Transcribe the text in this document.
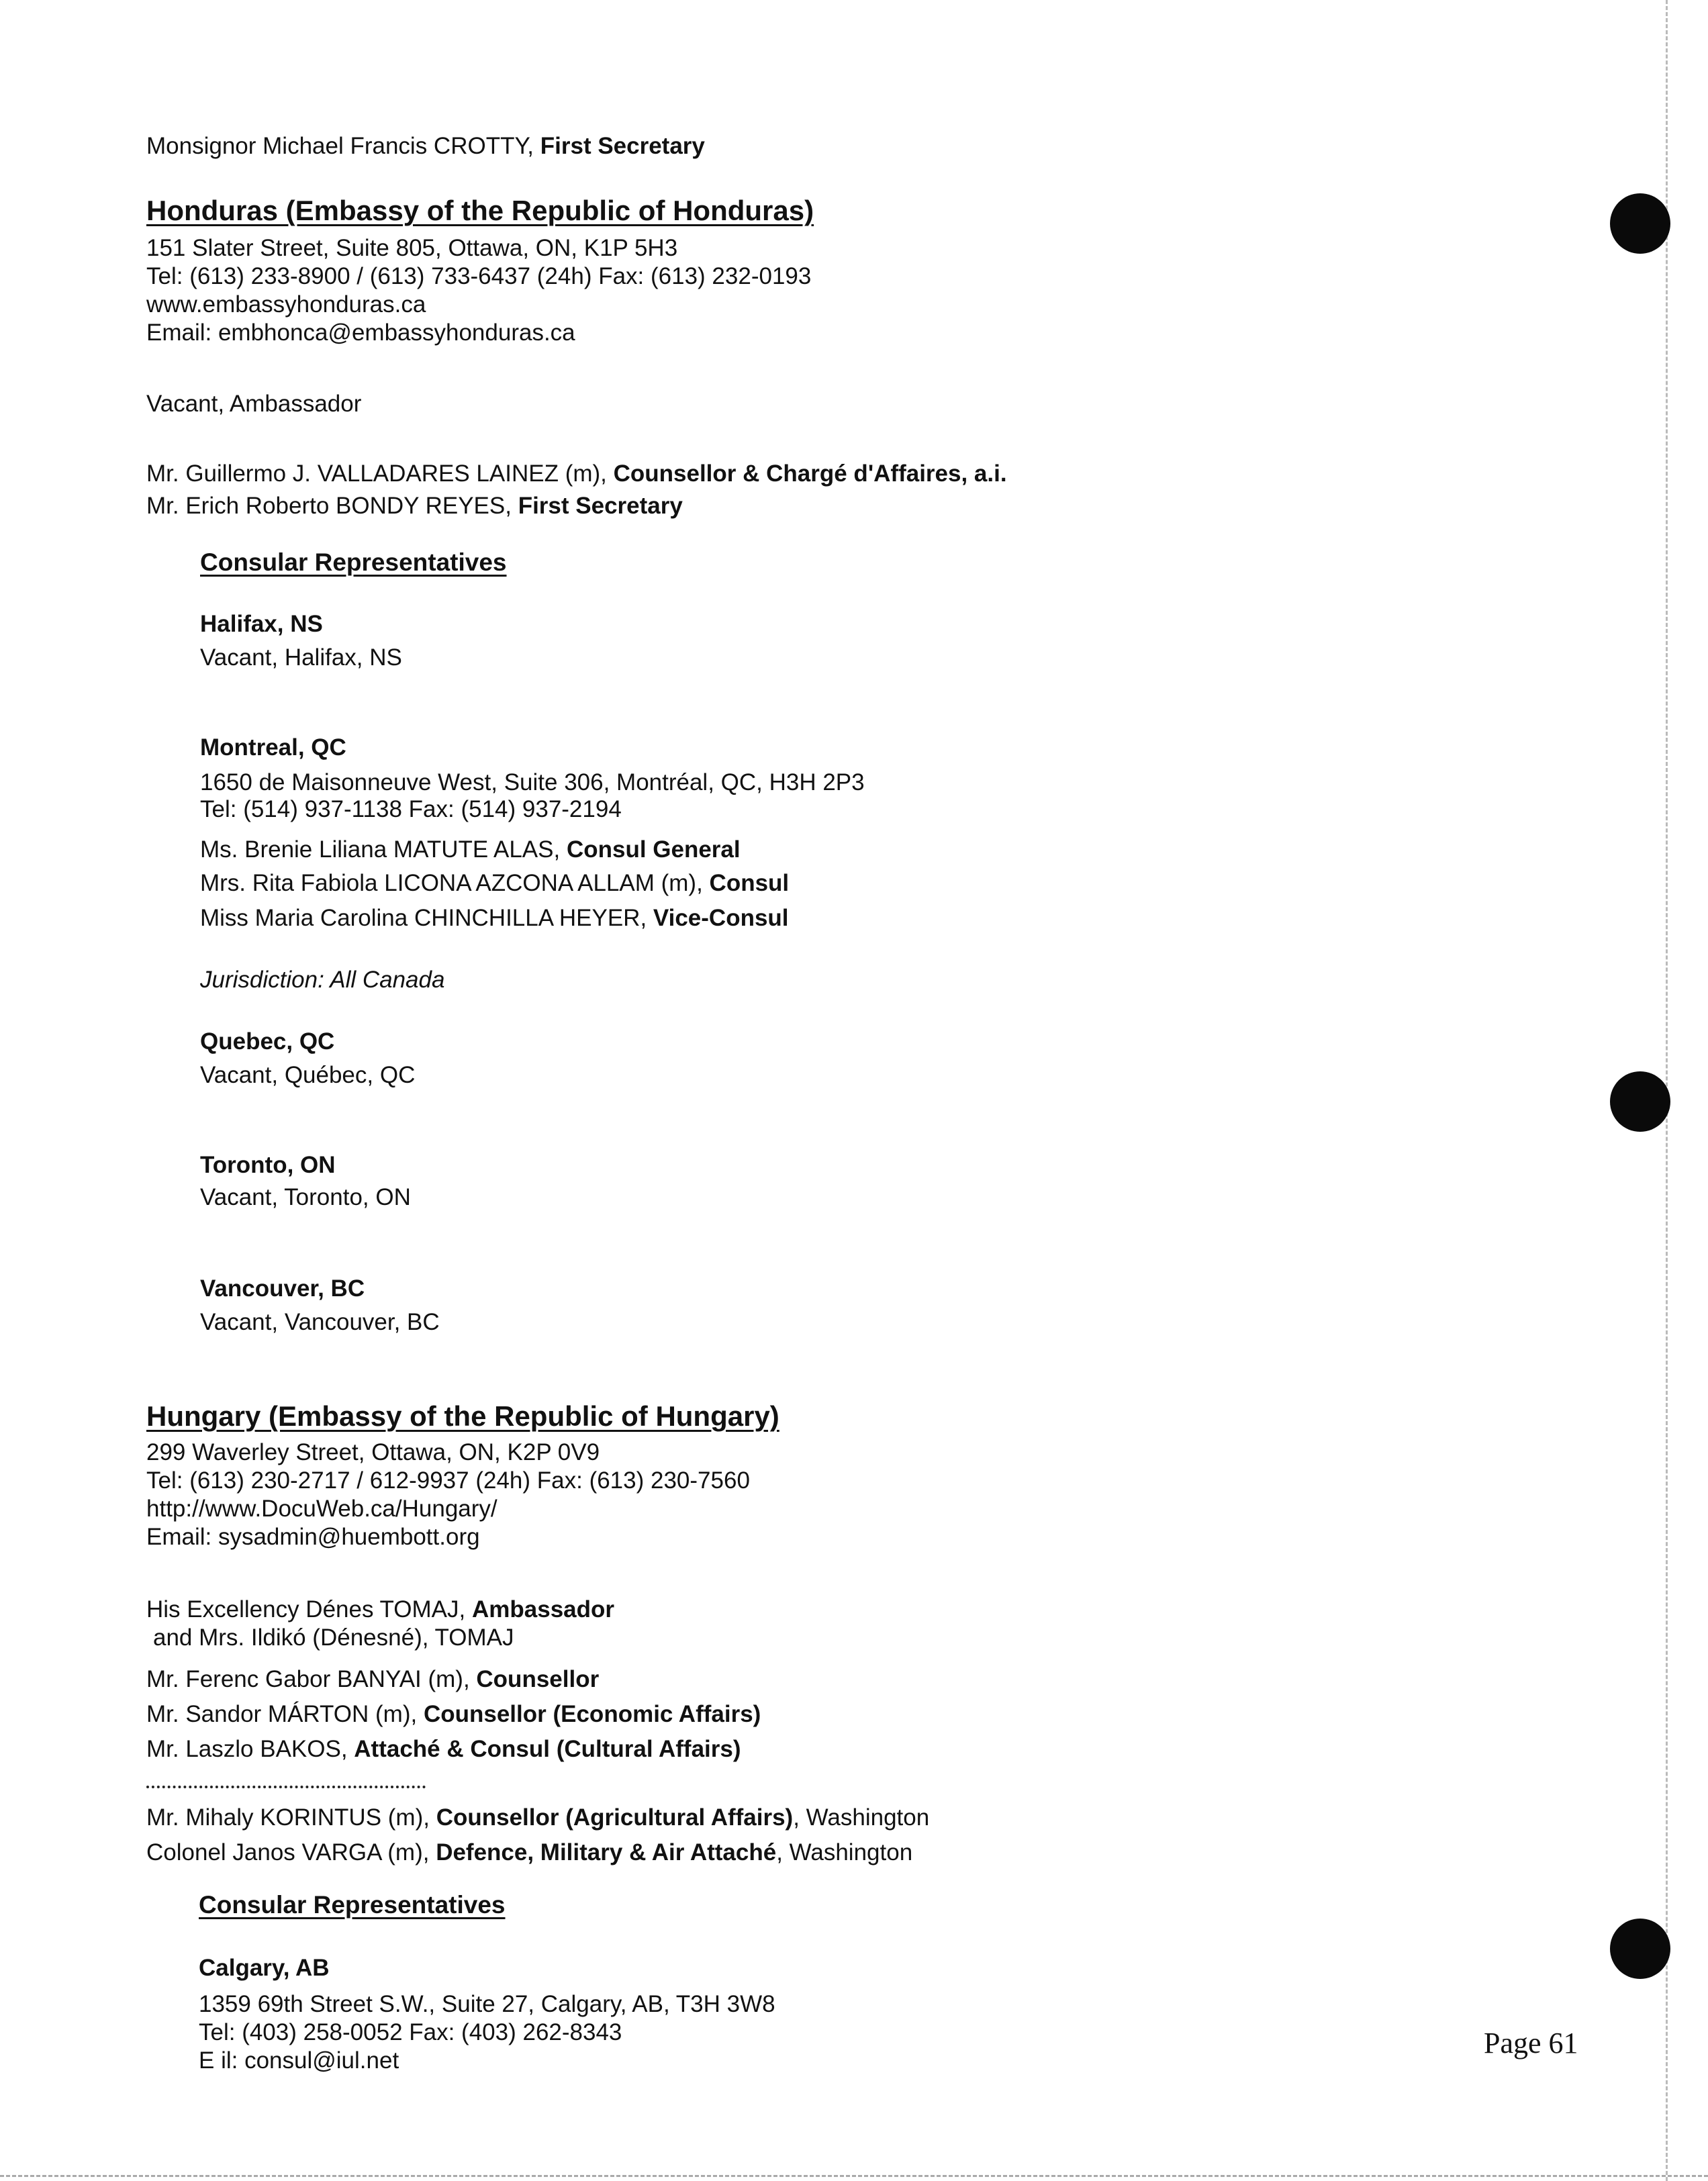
Monsignor Michael Francis CROTTY, First Secretary
Honduras (Embassy of the Republic of Honduras)
151 Slater Street, Suite 805, Ottawa, ON, K1P 5H3
Tel: (613) 233-8900 / (613) 733-6437 (24h) Fax: (613) 232-0193
www.embassyhonduras.ca
Email: embhonca@embassyhonduras.ca
Vacant, Ambassador
Mr. Guillermo J. VALLADARES LAINEZ (m), Counsellor & Chargé d'Affaires, a.i.
Mr. Erich Roberto BONDY REYES, First Secretary
Consular Representatives
Halifax, NS
Vacant, Halifax, NS
Montreal, QC
1650 de Maisonneuve West, Suite 306, Montréal, QC, H3H 2P3
Tel: (514) 937-1138 Fax: (514) 937-2194
Ms. Brenie Liliana MATUTE ALAS, Consul General
Mrs. Rita Fabiola LICONA AZCONA ALLAM (m), Consul
Miss Maria Carolina CHINCHILLA HEYER, Vice-Consul
Jurisdiction: All Canada
Quebec, QC
Vacant, Québec, QC
Toronto, ON
Vacant, Toronto, ON
Vancouver, BC
Vacant, Vancouver, BC
Hungary (Embassy of the Republic of Hungary)
299 Waverley Street, Ottawa, ON, K2P 0V9
Tel: (613) 230-2717 / 612-9937 (24h) Fax: (613) 230-7560
http://www.DocuWeb.ca/Hungary/
Email: sysadmin@huembott.org
His Excellency Dénes TOMAJ, Ambassador
and Mrs. Ildikó (Dénesné), TOMAJ
Mr. Ferenc Gabor BANYAI (m), Counsellor
Mr. Sandor MÁRTON (m), Counsellor (Economic Affairs)
Mr. Laszlo BAKOS, Attaché & Consul (Cultural Affairs)
Mr. Mihaly KORINTUS (m), Counsellor (Agricultural Affairs), Washington
Colonel Janos VARGA (m), Defence, Military & Air Attaché, Washington
Consular Representatives
Calgary, AB
1359 69th Street S.W., Suite 27, Calgary, AB, T3H 3W8
Tel: (403) 258-0052 Fax: (403) 262-8343
E il: consul@iul.net
Page 61
